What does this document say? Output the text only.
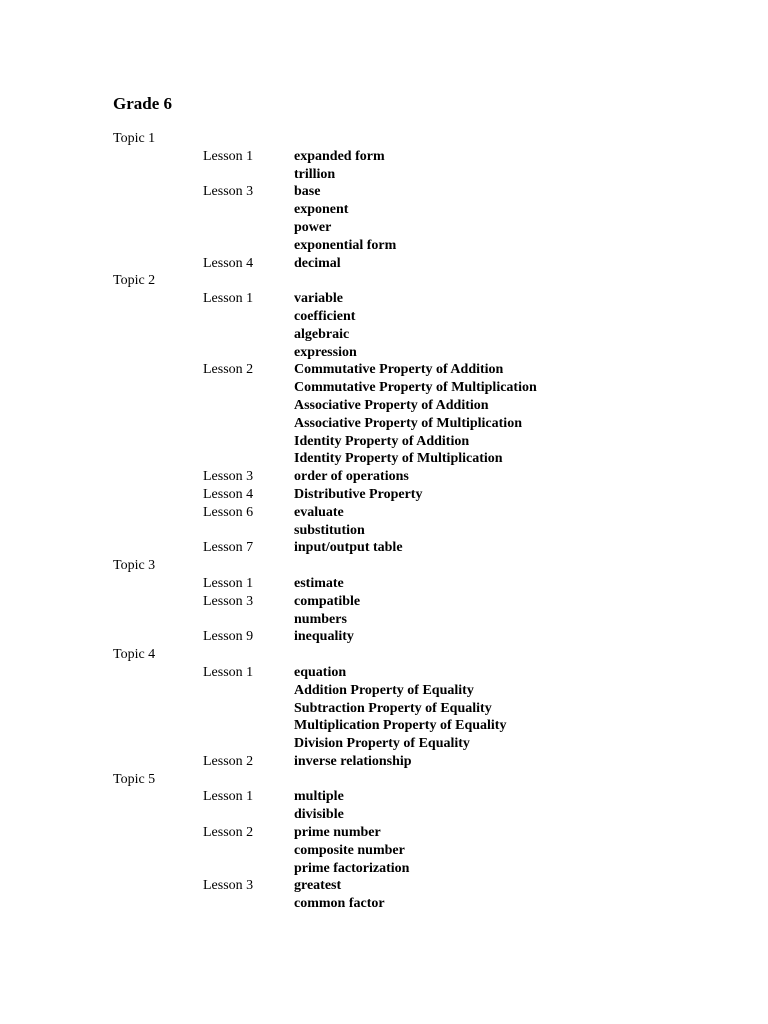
Grade 6
Topic 1
Lesson 1	expanded form
trillion
Lesson 3	base
exponent
power
exponential form
Lesson 4	decimal
Topic 2
Lesson 1	variable
coefficient
algebraic
expression
Lesson 2	Commutative Property of Addition
Commutative Property of Multiplication
Associative Property of Addition
Associative Property of Multiplication
Identity Property of Addition
Identity Property of Multiplication
Lesson 3	order of operations
Lesson 4	Distributive Property
Lesson 6	evaluate
substitution
Lesson 7	input/output table
Topic 3
Lesson 1	estimate
Lesson 3	compatible
numbers
Lesson 9	inequality
Topic 4
Lesson 1	equation
Addition Property of Equality
Subtraction Property of Equality
Multiplication Property of Equality
Division Property of Equality
Lesson 2	inverse relationship
Topic 5
Lesson 1	multiple
divisible
Lesson 2	prime number
composite number
prime factorization
Lesson 3	greatest
common factor
